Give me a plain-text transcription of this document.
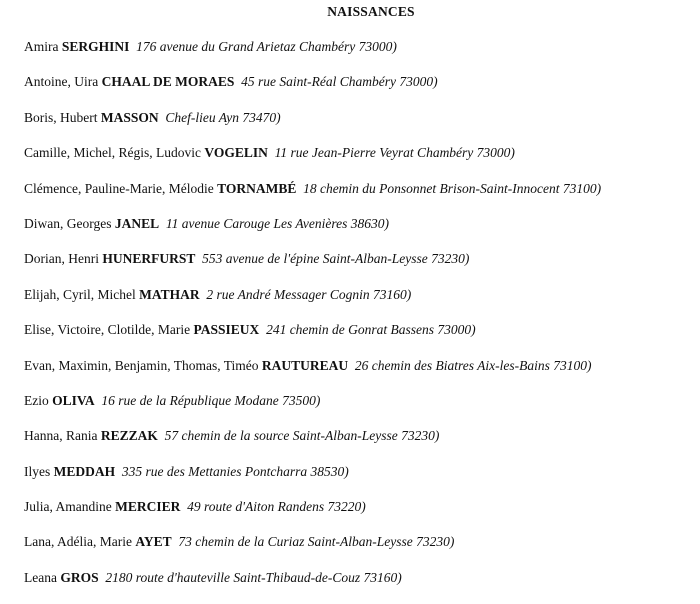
NAISSANCES
Amira SERGHINI 176 avenue du Grand Arietaz Chambéry 73000)
Antoine, Uira CHAAL DE MORAES 45 rue Saint-Réal Chambéry 73000)
Boris, Hubert MASSON Chef-lieu Ayn 73470)
Camille, Michel, Régis, Ludovic VOGELIN 11 rue Jean-Pierre Veyrat Chambéry 73000)
Clémence, Pauline-Marie, Mélodie TORNAMBÉ 18 chemin du Ponsonnet Brison-Saint-Innocent 73100)
Diwan, Georges JANEL 11 avenue Carouge Les Avenières 38630)
Dorian, Henri HUNERFURST 553 avenue de l'épine Saint-Alban-Leysse 73230)
Elijah, Cyril, Michel MATHAR 2 rue André Messager Cognin 73160)
Elise, Victoire, Clotilde, Marie PASSIEUX 241 chemin de Gonrat Bassens 73000)
Evan, Maximin, Benjamin, Thomas, Timéo RAUTUREAU 26 chemin des Biatres Aix-les-Bains 73100)
Ezio OLIVA 16 rue de la République Modane 73500)
Hanna, Rania REZZAK 57 chemin de la source Saint-Alban-Leysse 73230)
Ilyes MEDDAH 335 rue des Mettanies Pontcharra 38530)
Julia, Amandine MERCIER 49 route d'Aiton Randens 73220)
Lana, Adélia, Marie AYET 73 chemin de la Curiaz Saint-Alban-Leysse 73230)
Leana GROS 2180 route d'hauteville Saint-Thibaud-de-Couz 73160)
